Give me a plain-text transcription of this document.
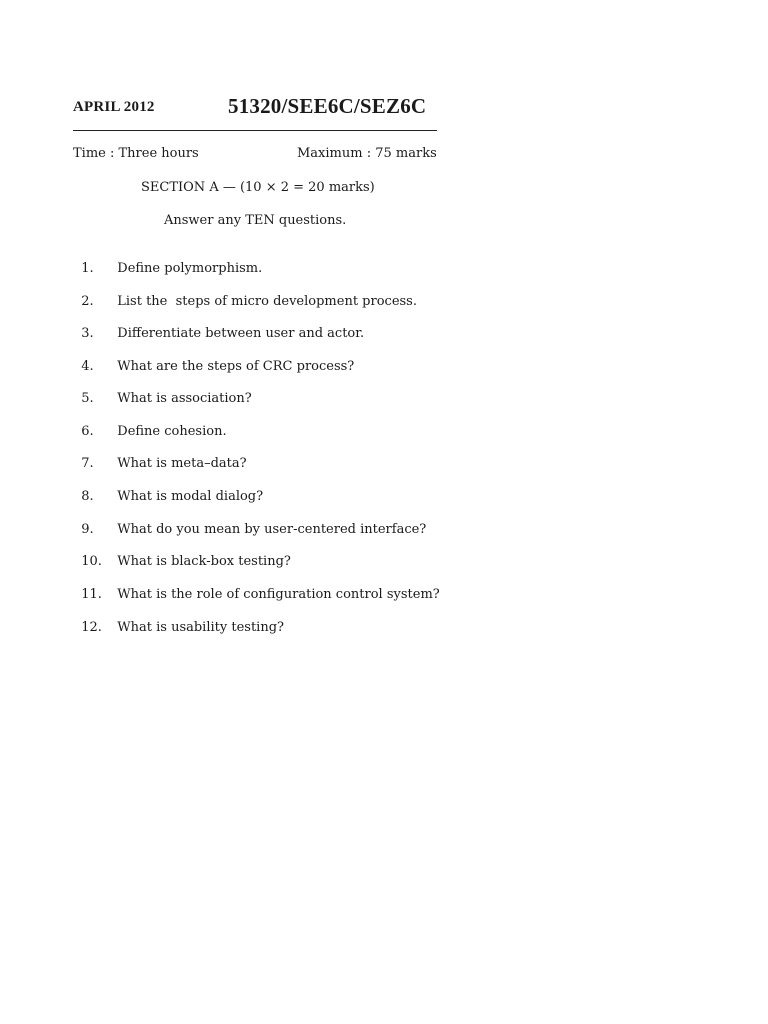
APRIL 2012	51320/SEE6C/SEZ6C
Time : Three hours	Maximum : 75 marks
SECTION A — (10 × 2 = 20 marks)
Answer any TEN questions.

1. Define polymorphism.

2. List the  steps of micro development process.

3. Differentiate between user and actor.

4. What are the steps of CRC process?

5. What is association?

6. Define cohesion.

7. What is meta–data?

8. What is modal dialog?

9. What do you mean by user-centered interface?

10. What is black-box testing?

11. What is the role of configuration control system?

12. What is usability testing?
